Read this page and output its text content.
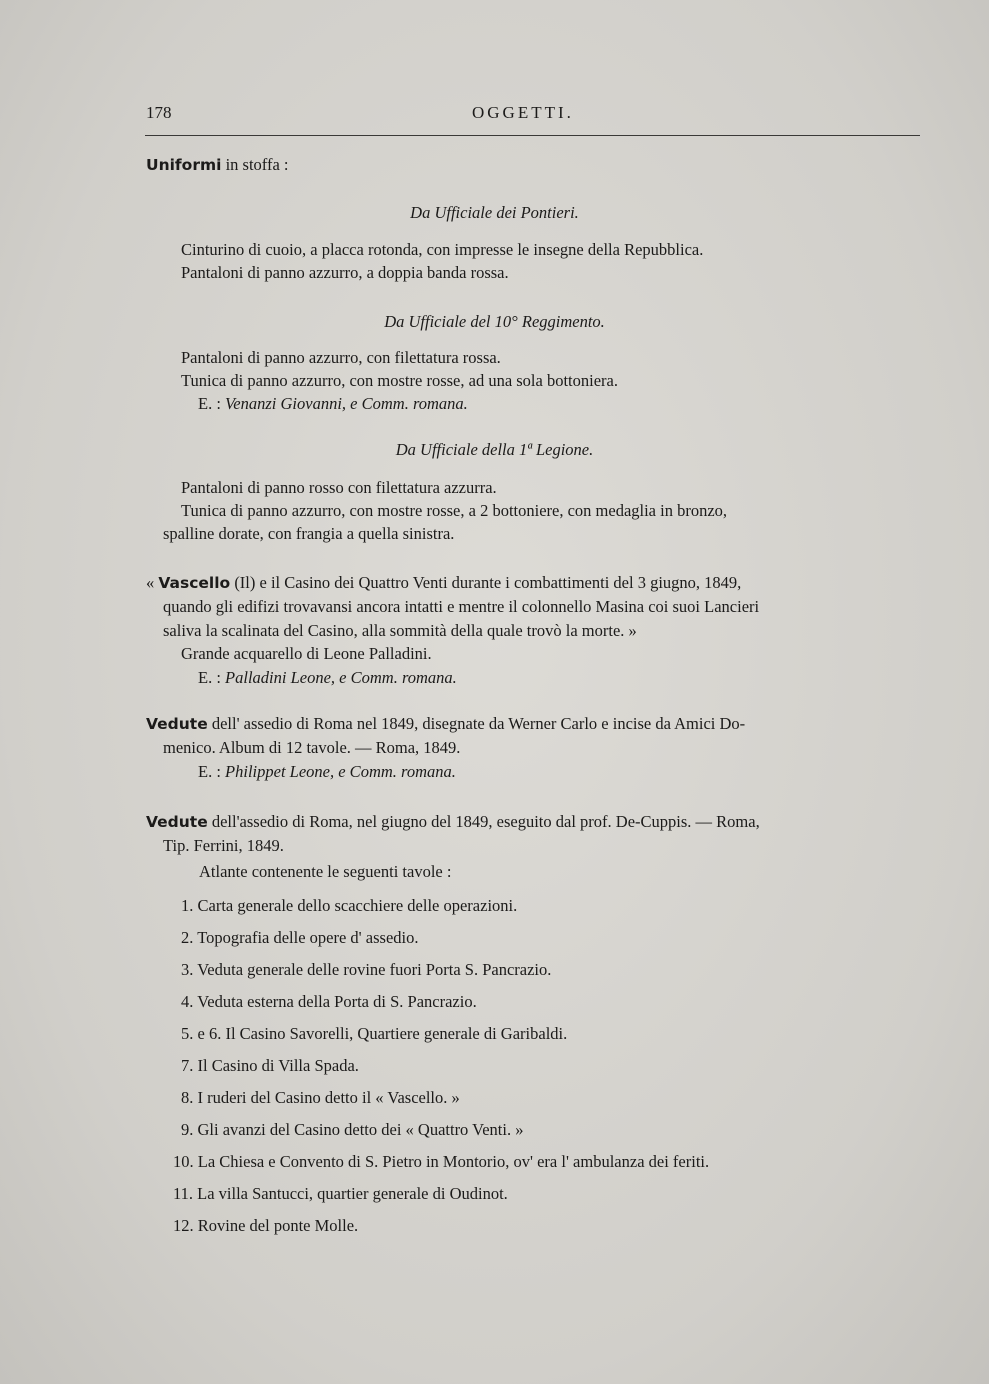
178	OGGETTI.

Uniformi in stoffa :

Da Ufficiale dei Pontieri.

Cinturino di cuoio, a placca rotonda, con impresse le insegne della Repubblica.

Pantaloni di panno azzurro, a doppia banda rossa.

Da Ufficiale del 10° Reggimento.

Pantaloni di panno azzurro, con filettatura rossa.

Tunica di panno azzurro, con mostre rosse, ad una sola bottoniera.

E. : Venanzi Giovanni, e Comm. romana.

Da Ufficiale della 1ª Legione.

Pantaloni di panno rosso con filettatura azzurra.

Tunica di panno azzurro, con mostre rosse, a 2 bottoniere, con medaglia in bronzo,

spalline dorate, con frangia a quella sinistra.

« Vascello (Il) e il Casino dei Quattro Venti durante i combattimenti del 3 giugno, 1849,

quando gli edifizi trovavansi ancora intatti e mentre il colonnello Masina coi suoi Lancieri

saliva la scalinata del Casino, alla sommità della quale trovò la morte. »

Grande acquarello di Leone Palladini.

E. : Palladini Leone, e Comm. romana.

Vedute dell' assedio di Roma nel 1849, disegnate da Werner Carlo e incise da Amici Do-

menico. Album di 12 tavole. — Roma, 1849.

E. : Philippet Leone, e Comm. romana.

Vedute dell'assedio di Roma, nel giugno del 1849, eseguito dal prof. De-Cuppis. — Roma,

Tip. Ferrini, 1849.

Atlante contenente le seguenti tavole :

1. Carta generale dello scacchiere delle operazioni.

2. Topografia delle opere d' assedio.

3. Veduta generale delle rovine fuori Porta S. Pancrazio.

4. Veduta esterna della Porta di S. Pancrazio.

5. e 6. Il Casino Savorelli, Quartiere generale di Garibaldi.

7. Il Casino di Villa Spada.

8. I ruderi del Casino detto il « Vascello. »

9. Gli avanzi del Casino detto dei « Quattro Venti. »

10. La Chiesa e Convento di S. Pietro in Montorio, ov' era l' ambulanza dei feriti.

11. La villa Santucci, quartier generale di Oudinot.

12. Rovine del ponte Molle.
